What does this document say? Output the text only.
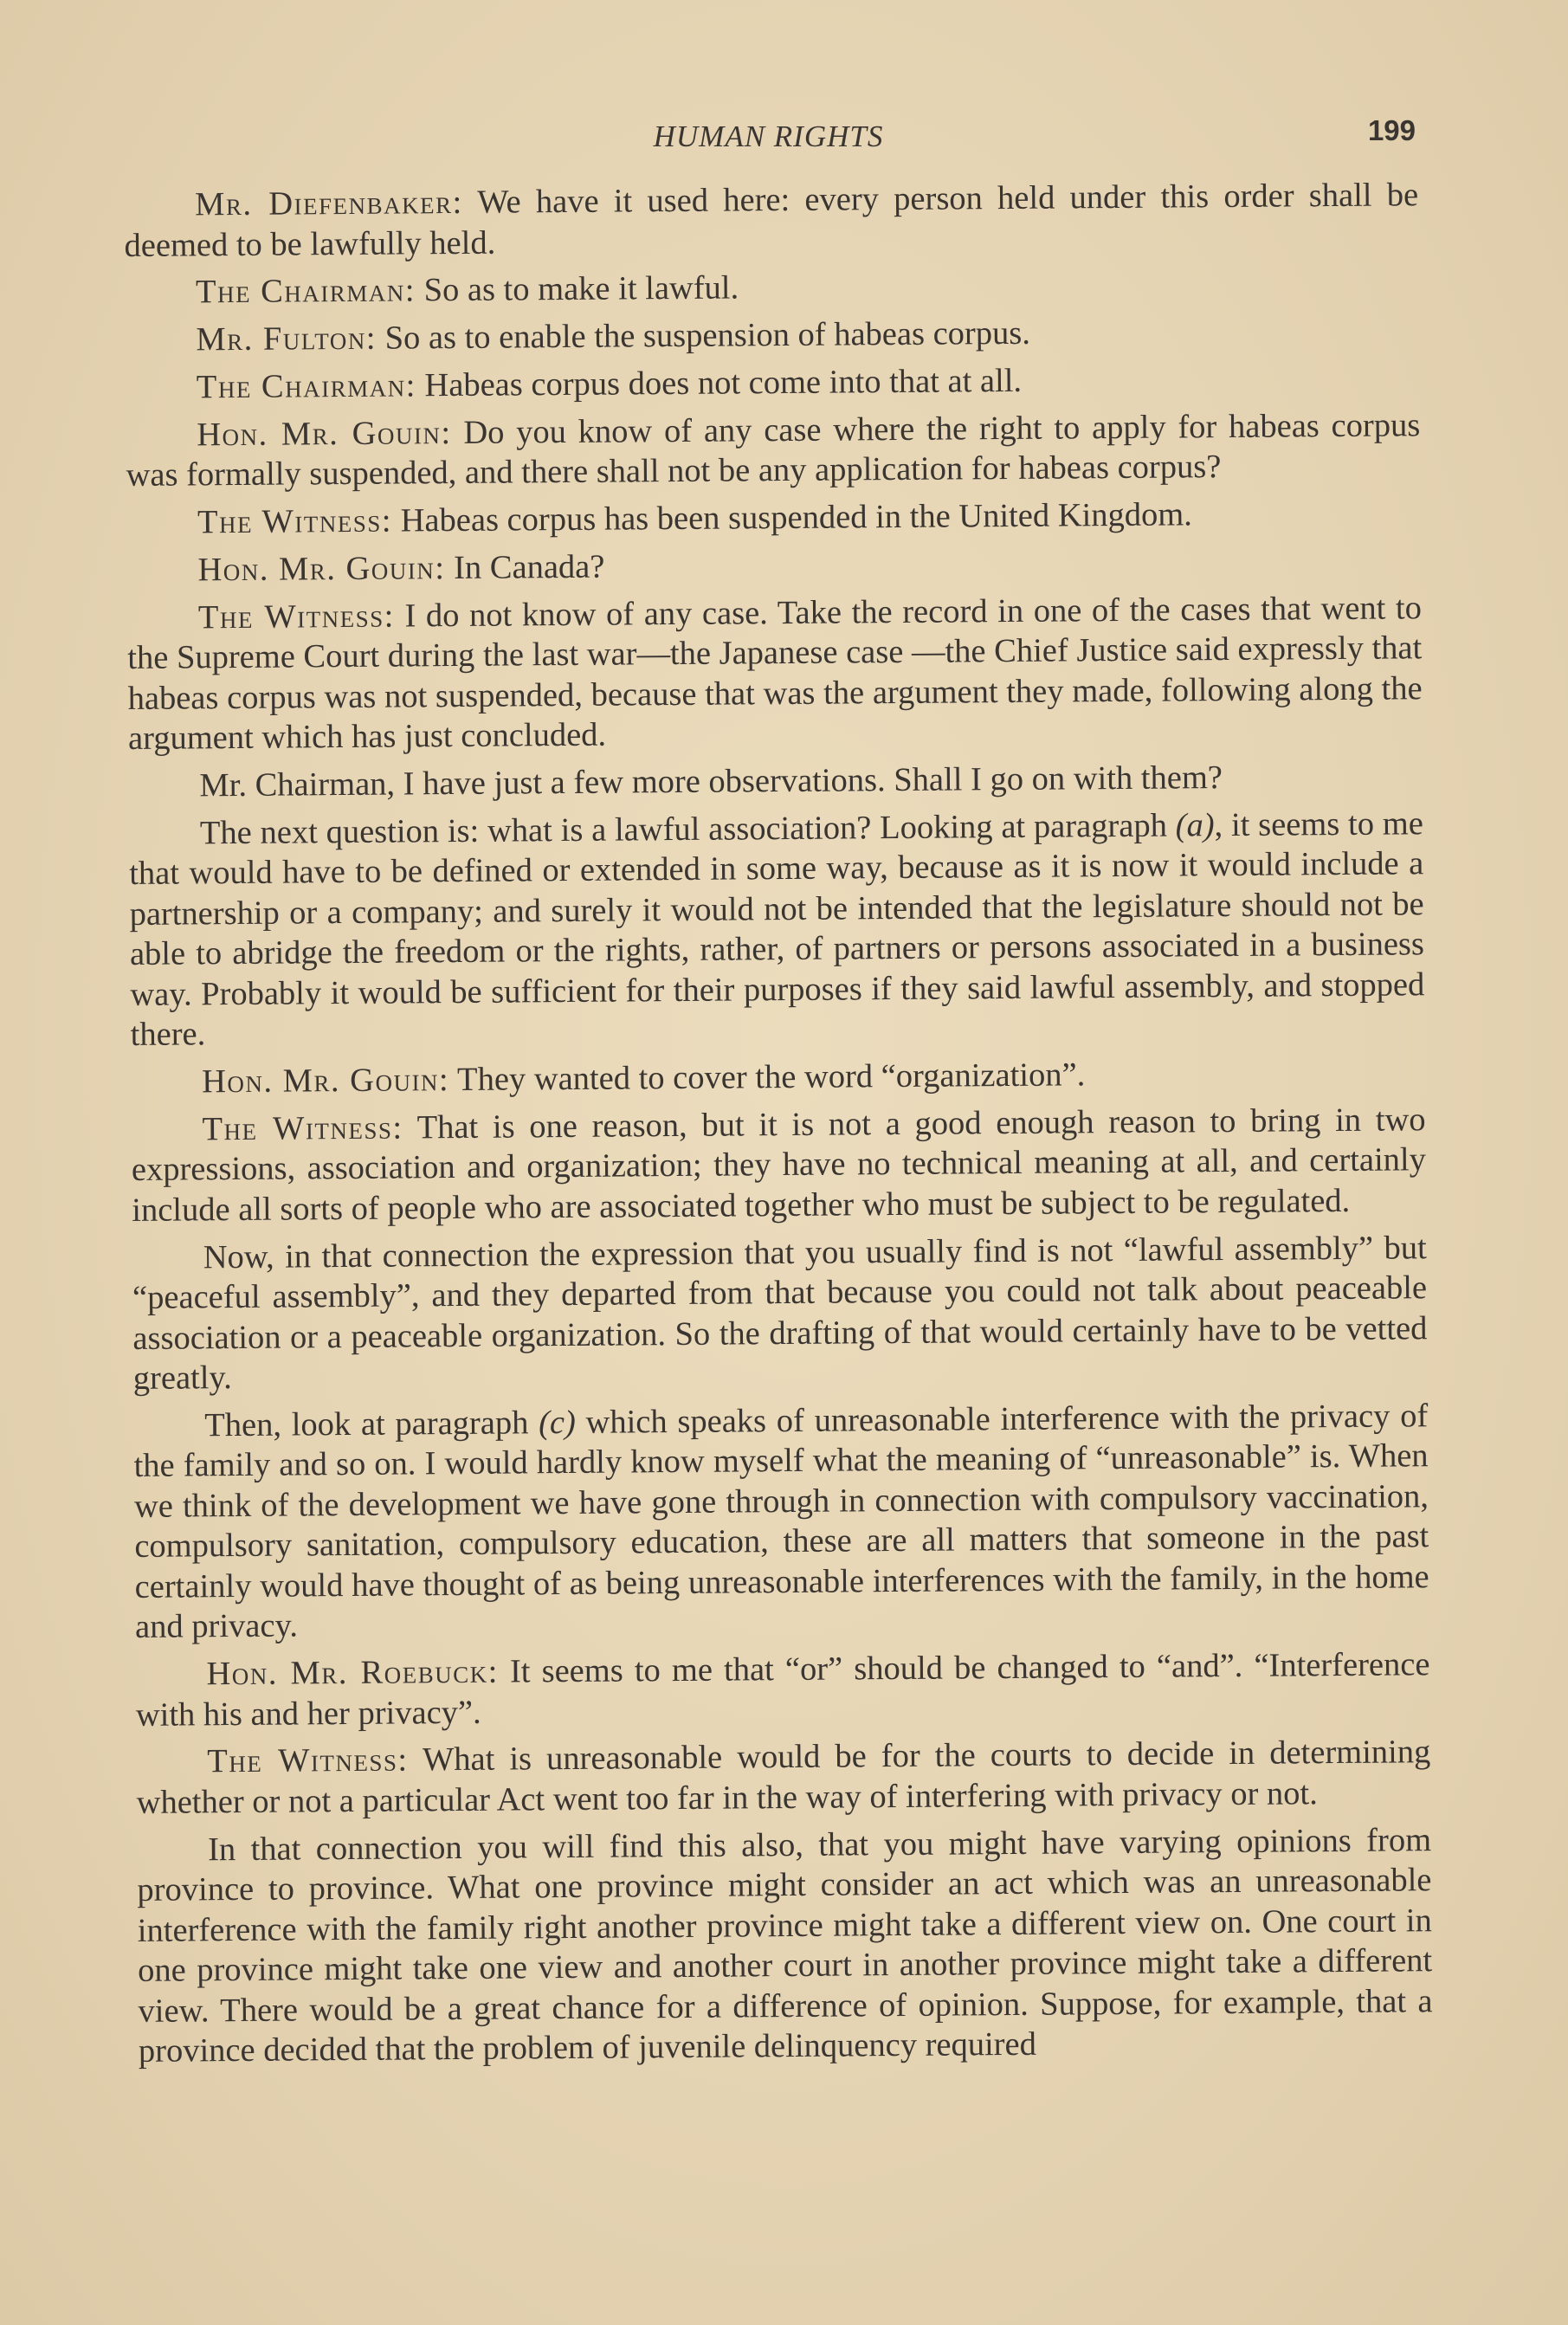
HUMAN RIGHTS	199

Mr. Diefenbaker: We have it used here: every person held under this order shall be deemed to be lawfully held.

The Chairman: So as to make it lawful.

Mr. Fulton: So as to enable the suspension of habeas corpus.

The Chairman: Habeas corpus does not come into that at all.

Hon. Mr. Gouin: Do you know of any case where the right to apply for habeas corpus was formally suspended, and there shall not be any application for habeas corpus?

The Witness: Habeas corpus has been suspended in the United Kingdom.

Hon. Mr. Gouin: In Canada?

The Witness: I do not know of any case. Take the record in one of the cases that went to the Supreme Court during the last war—the Japanese case —the Chief Justice said expressly that habeas corpus was not suspended, because that was the argument they made, following along the argument which has just concluded.

Mr. Chairman, I have just a few more observations. Shall I go on with them?

The next question is: what is a lawful association? Looking at paragraph (a), it seems to me that would have to be defined or extended in some way, because as it is now it would include a partnership or a company; and surely it would not be intended that the legislature should not be able to abridge the freedom or the rights, rather, of partners or persons associated in a business way. Probably it would be sufficient for their purposes if they said lawful assembly, and stopped there.

Hon. Mr. Gouin: They wanted to cover the word “organization”.

The Witness: That is one reason, but it is not a good enough reason to bring in two expressions, association and organization; they have no technical meaning at all, and certainly include all sorts of people who are associated together who must be subject to be regulated.

Now, in that connection the expression that you usually find is not “lawful assembly” but “peaceful assembly”, and they departed from that because you could not talk about peaceable association or a peaceable organization. So the drafting of that would certainly have to be vetted greatly.

Then, look at paragraph (c) which speaks of unreasonable interference with the privacy of the family and so on. I would hardly know myself what the meaning of “unreasonable” is. When we think of the development we have gone through in connection with compulsory vaccination, compulsory sanitation, compulsory education, these are all matters that someone in the past certainly would have thought of as being unreasonable interferences with the family, in the home and privacy.

Hon. Mr. Roebuck: It seems to me that “or” should be changed to “and”. “Interference with his and her privacy”.

The Witness: What is unreasonable would be for the courts to decide in determining whether or not a particular Act went too far in the way of interfering with privacy or not.

In that connection you will find this also, that you might have varying opinions from province to province. What one province might consider an act which was an unreasonable interference with the family right another province might take a different view on. One court in one province might take one view and another court in another province might take a different view. There would be a great chance for a difference of opinion. Suppose, for example, that a province decided that the problem of juvenile delinquency required
